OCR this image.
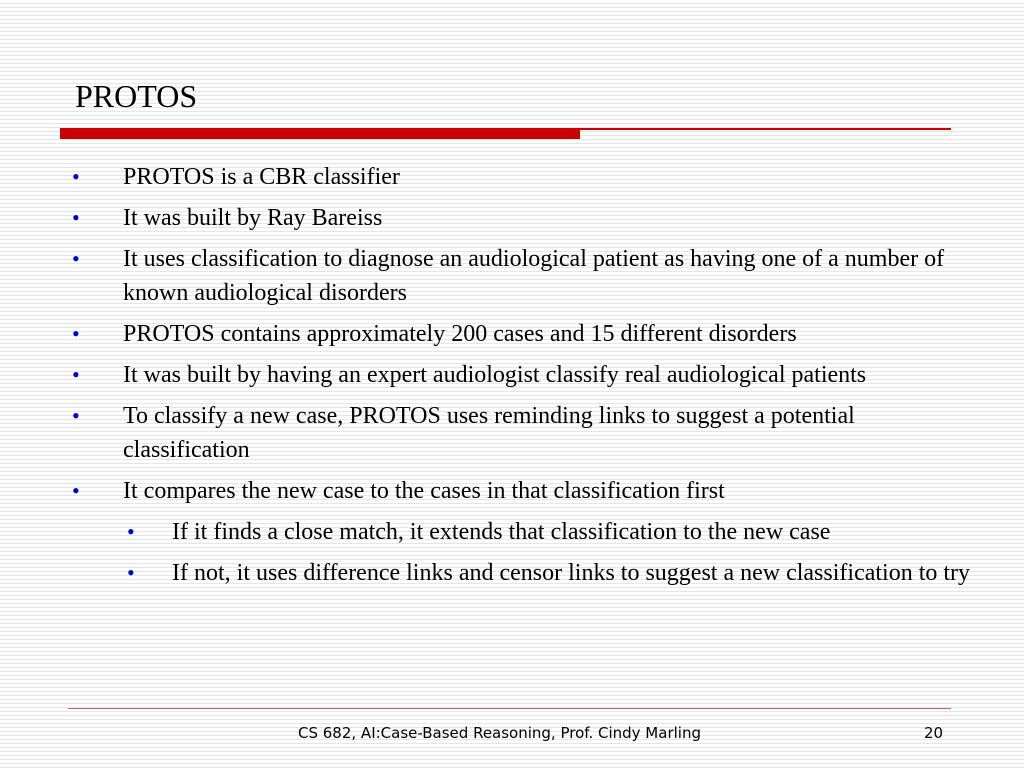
PROTOS
• PROTOS is a CBR classifier
• It was built by Ray Bareiss
• It uses classification to diagnose an audiological patient as having one of a number of known audiological disorders
• PROTOS contains approximately 200 cases and 15 different disorders
• It was built by having an expert audiologist classify real audiological patients
• To classify a new case, PROTOS uses reminding links to suggest a potential classification
• It compares the new case to the cases in that classification first
• If it finds a close match, it extends that classification to the new case
• If not, it uses difference links and censor links to suggest a new classification to try
CS 682, AI:Case-Based Reasoning, Prof. Cindy Marling	20
